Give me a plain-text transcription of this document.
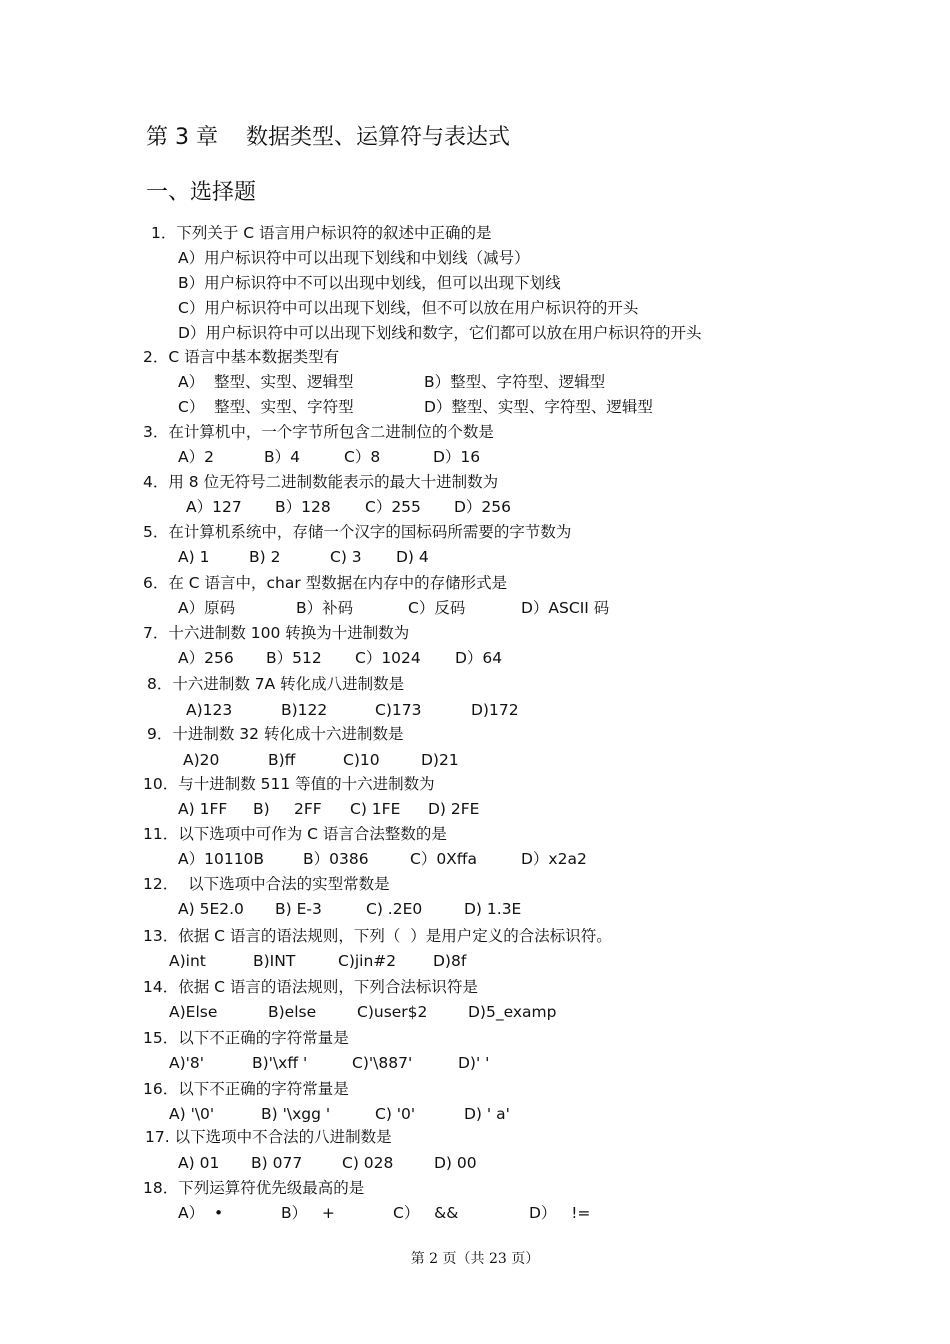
第 3 章    数据类型、运算符与表达式
一、选择题
1．下列关于 C 语言用户标识符的叙述中正确的是
A）用户标识符中可以出现下划线和中划线（减号）
B）用户标识符中不可以出现中划线，但可以出现下划线
C）用户标识符中可以出现下划线，但不可以放在用户标识符的开头
D）用户标识符中可以出现下划线和数字，它们都可以放在用户标识符的开头
2．C 语言中基本数据类型有
A）  整型、实型、逻辑型	B）整型、字符型、逻辑型
C）  整型、实型、字符型	D）整型、实型、字符型、逻辑型
3．在计算机中，一个字节所包含二进制位的个数是
A）2	B）4	C）8	D）16
4．用 8 位无符号二进制数能表示的最大十进制数为
A）127 B）128 C）255 D）256
5．在计算机系统中，存储一个汉字的国标码所需要的字节数为
A) 1	B) 2	C) 3 D) 4
6．在 C 语言中，char 型数据在内存中的存储形式是
A）原码	B）补码	C）反码	D）ASCII 码
7．十六进制数 100 转换为十进制数为
A）256 B）512 C）1024 D）64
8．十六进制数 7A 转化成八进制数是
A)123	B)122	C)173	D)172
9．十进制数 32 转化成十六进制数是
A)20	B)ff	C)10	D)21
10．与十进制数 511 等值的十六进制数为
A) 1FF B) 2FF C) 1FE D) 2FE
11．以下选项中可作为 C 语言合法整数的是
A）10110B	B）0386	C）0Xffa	D）x2a2
12．  以下选项中合法的实型常数是
A) 5E2.0 B) E-3	C) .2E0	D) 1.3E
13．依据 C 语言的语法规则，下列（  ）是用户定义的合法标识符。
A)int	B)INT	C)jin#2 D)8f
14．依据 C 语言的语法规则，下列合法标识符是
A)Else	B)else	C)user$2	D)5_examp
15．以下不正确的字符常量是
A)'8'	B)'\xff '	C)'\887'	D)' '
16．以下不正确的字符常量是
A) '\0'	B) '\xgg '	C) '0'	D) ' a'
17. 以下选项中不合法的八进制数是
A) 01 B) 077	C) 028	D) 00
18．下列运算符优先级最高的是
A）  •	B）   +	C）   &&	D）   !=
第 2 页（共 23 页）
